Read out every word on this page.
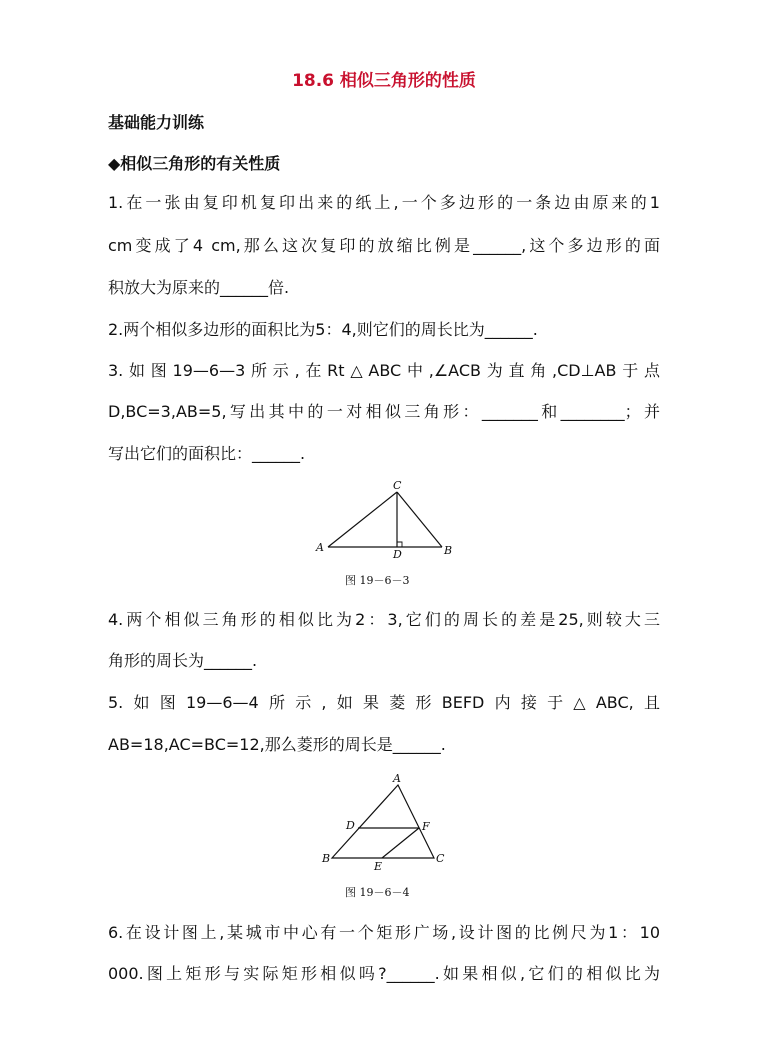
18.6 相似三角形的性质
基础能力训练
◆相似三角形的有关性质
1.在一张由复印机复印出来的纸上,一个多边形的一条边由原来的1
cm变成了4 cm,那么这次复印的放缩比例是______,这个多边形的面
积放大为原来的______倍.
2.两个相似多边形的面积比为5：4,则它们的周长比为______.
3.如图19—6—3所示,在Rt△ABC中,∠ACB为直角,CD⊥AB于点
D,BC=3,AB=5,写出其中的一对相似三角形：_______和________；并
写出它们的面积比：______.
C
A	B
D
图 19－6－3
4.两个相似三角形的相似比为2：3,它们的周长的差是25,则较大三
角形的周长为______.
5.如图19—6—4所示,如果菱形BEFD内接于△ABC,且
AB=18,AC=BC=12,那么菱形的周长是______.
A
D	F
B
E
C
图 19－6－4
6.在设计图上,某城市中心有一个矩形广场,设计图的比例尺为1：10
000.图上矩形与实际矩形相似吗?______.如果相似,它们的相似比为
